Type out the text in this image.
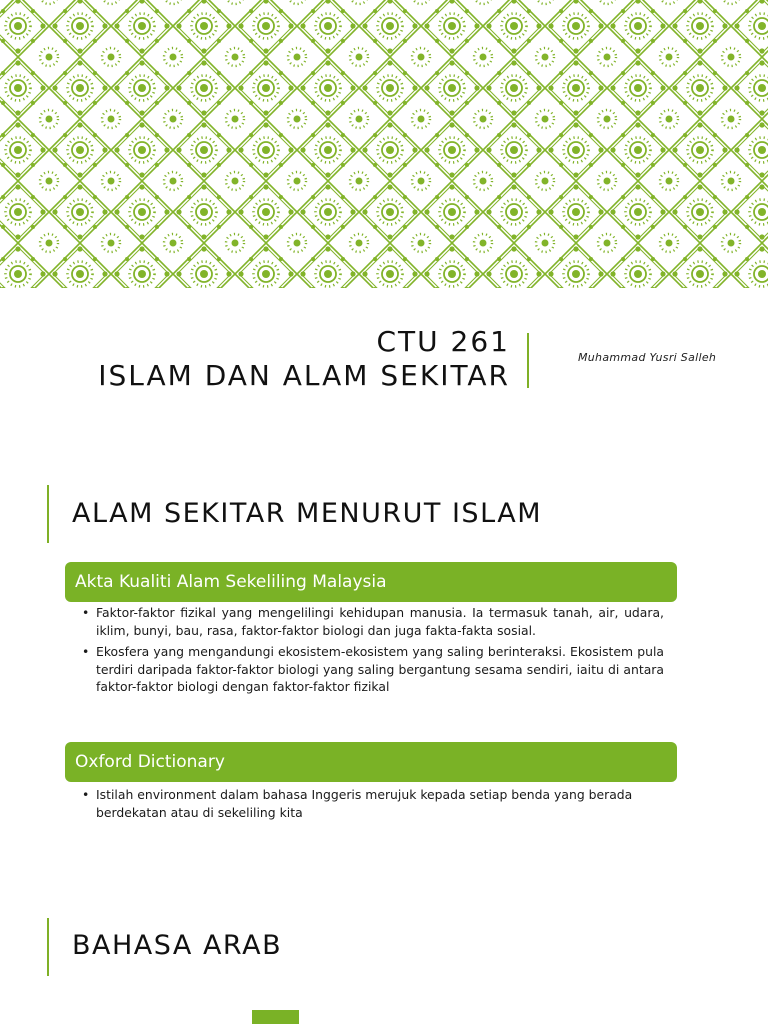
CTU 261
ISLAM DAN ALAM SEKITAR
Muhammad Yusri Salleh
ALAM SEKITAR MENURUT ISLAM
Akta Kualiti Alam Sekeliling Malaysia
• Faktor-faktor fizikal yang mengelilingi kehidupan manusia. Ia termasuk tanah, air, udara, iklim, bunyi, bau, rasa, faktor-faktor biologi dan juga fakta-fakta sosial.
• Ekosfera yang mengandungi ekosistem-ekosistem yang saling berinteraksi. Ekosistem pula terdiri daripada faktor-faktor biologi yang saling bergantung sesama sendiri, iaitu di antara faktor-faktor biologi dengan faktor-faktor fizikal
Oxford Dictionary
• Istilah environment dalam bahasa Inggeris merujuk kepada setiap benda yang berada berdekatan atau di sekeliling kita
BAHASA ARAB
